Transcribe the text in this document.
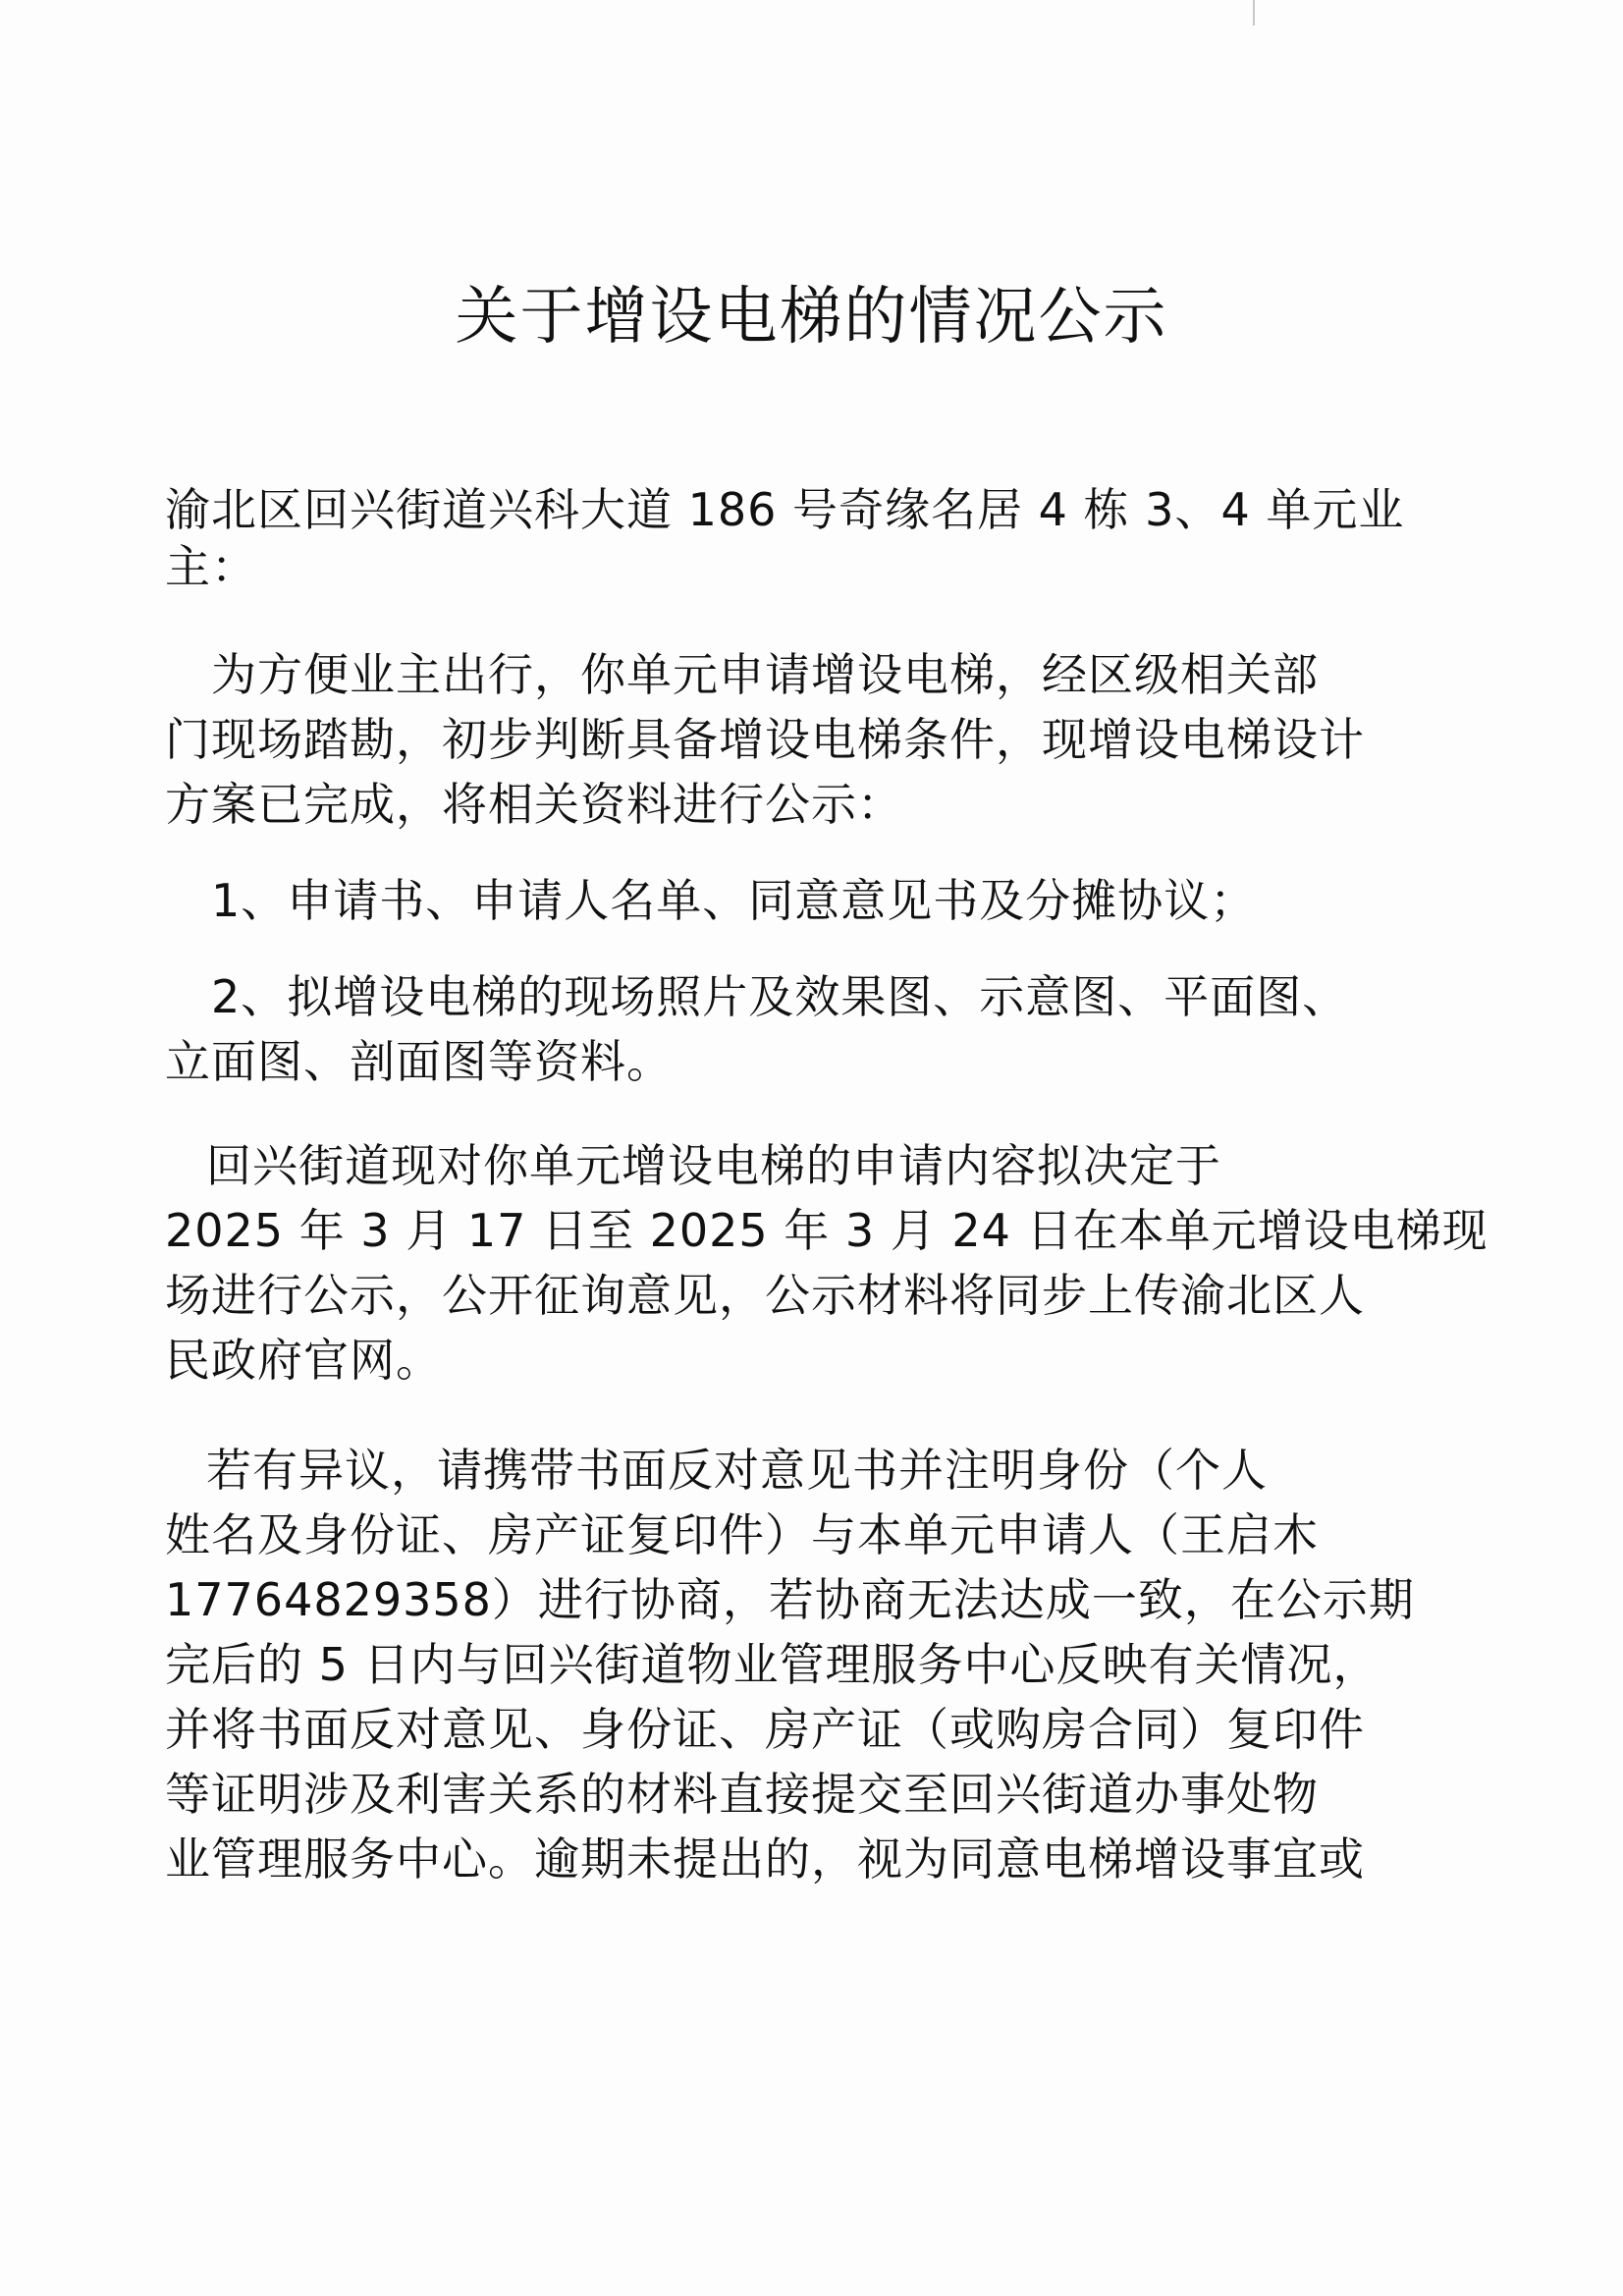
关于增设电梯的情况公示
渝北区回兴街道兴科大道 186 号奇缘名居 4 栋 3、4 单元业
主：
为方便业主出行，你单元申请增设电梯，经区级相关部
门现场踏勘，初步判断具备增设电梯条件，现增设电梯设计
方案已完成，将相关资料进行公示：
1、申请书、申请人名单、同意意见书及分摊协议；
2、拟增设电梯的现场照片及效果图、示意图、平面图、
立面图、剖面图等资料。
回兴街道现对你单元增设电梯的申请内容拟决定于
2025 年 3 月 17 日至 2025 年 3 月 24 日在本单元增设电梯现
场进行公示，公开征询意见，公示材料将同步上传渝北区人
民政府官网。
若有异议，请携带书面反对意见书并注明身份（个人
姓名及身份证、房产证复印件）与本单元申请人（王启木
17764829358）进行协商，若协商无法达成一致，在公示期
完后的 5 日内与回兴街道物业管理服务中心反映有关情况，
并将书面反对意见、身份证、房产证（或购房合同）复印件
等证明涉及利害关系的材料直接提交至回兴街道办事处物
业管理服务中心。逾期未提出的，视为同意电梯增设事宜或
